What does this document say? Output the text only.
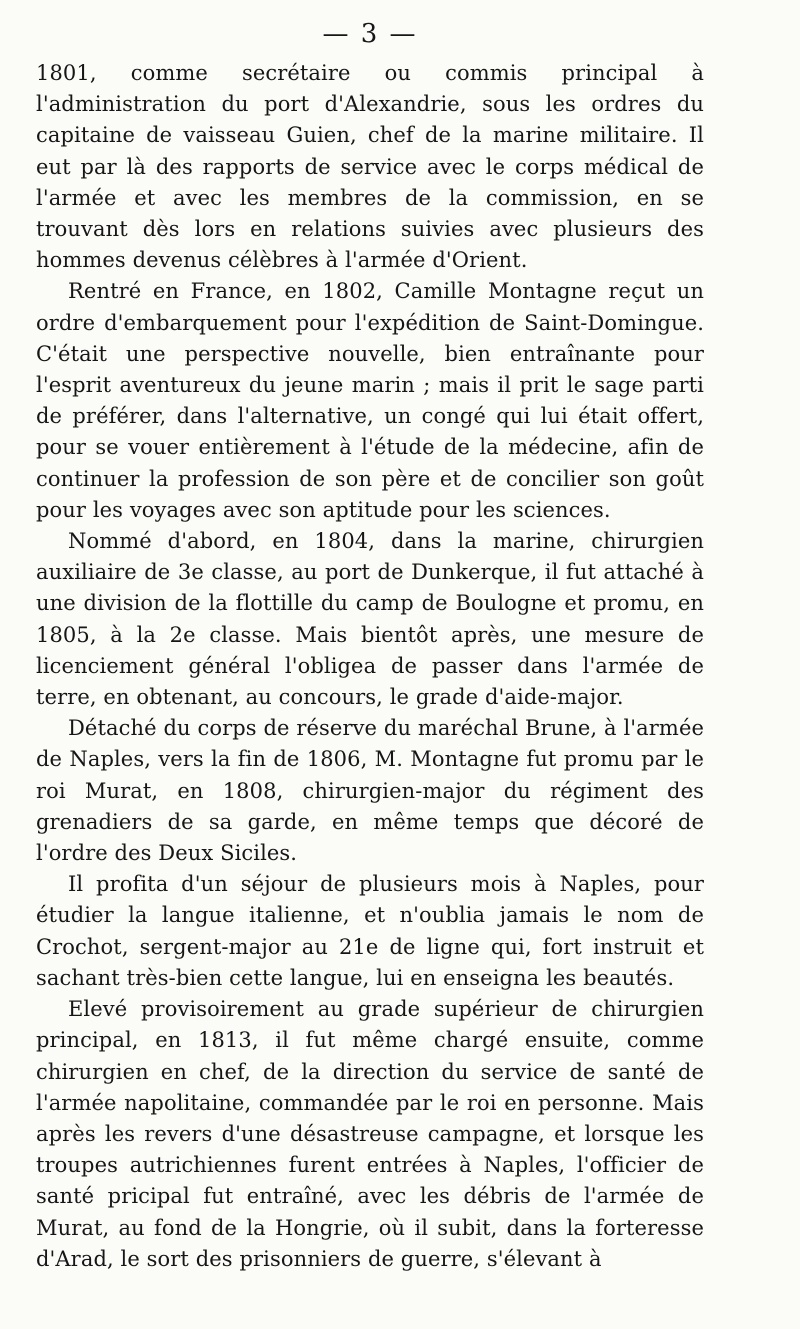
— 3 —

1801, comme secrétaire ou commis principal à l'administration du port d'Alexandrie, sous les ordres du capitaine de vaisseau Guien, chef de la marine militaire. Il eut par là des rapports de service avec le corps médical de l'armée et avec les membres de la commission, en se trouvant dès lors en relations suivies avec plusieurs des hommes devenus célèbres à l'armée d'Orient.

Rentré en France, en 1802, Camille Montagne reçut un ordre d'embarquement pour l'expédition de Saint-Domingue. C'était une perspective nouvelle, bien entraînante pour l'esprit aventureux du jeune marin ; mais il prit le sage parti de préférer, dans l'alternative, un congé qui lui était offert, pour se vouer entièrement à l'étude de la médecine, afin de continuer la profession de son père et de concilier son goût pour les voyages avec son aptitude pour les sciences.

Nommé d'abord, en 1804, dans la marine, chirurgien auxiliaire de 3e classe, au port de Dunkerque, il fut attaché à une division de la flottille du camp de Boulogne et promu, en 1805, à la 2e classe. Mais bientôt après, une mesure de licenciement général l'obligea de passer dans l'armée de terre, en obtenant, au concours, le grade d'aide-major.

Détaché du corps de réserve du maréchal Brune, à l'armée de Naples, vers la fin de 1806, M. Montagne fut promu par le roi Murat, en 1808, chirurgien-major du régiment des grenadiers de sa garde, en même temps que décoré de l'ordre des Deux Siciles.

Il profita d'un séjour de plusieurs mois à Naples, pour étudier la langue italienne, et n'oublia jamais le nom de Crochot, sergent-major au 21e de ligne qui, fort instruit et sachant très-bien cette langue, lui en enseigna les beautés.

Elevé provisoirement au grade supérieur de chirurgien principal, en 1813, il fut même chargé ensuite, comme chirurgien en chef, de la direction du service de santé de l'armée napolitaine, commandée par le roi en personne. Mais après les revers d'une désastreuse campagne, et lorsque les troupes autrichiennes furent entrées à Naples, l'officier de santé pricipal fut entraîné, avec les débris de l'armée de Murat, au fond de la Hongrie, où il subit, dans la forteresse d'Arad, le sort des prisonniers de guerre, s'élevant à
